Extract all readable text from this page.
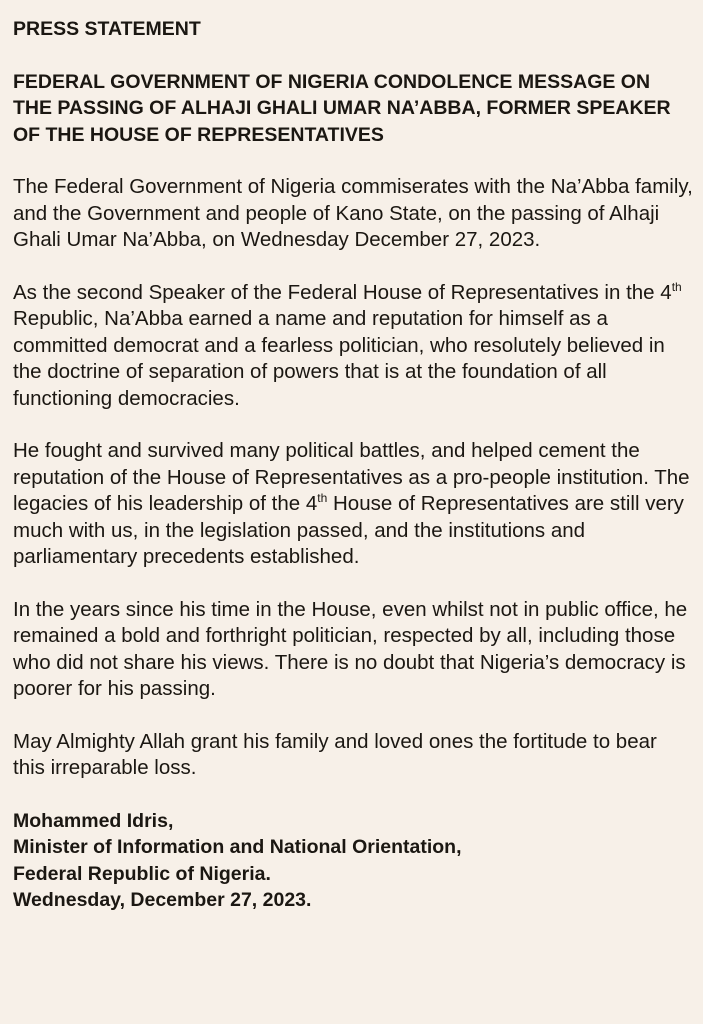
PRESS STATEMENT
FEDERAL GOVERNMENT OF NIGERIA CONDOLENCE MESSAGE ON THE PASSING OF ALHAJI GHALI UMAR NA’ABBA, FORMER SPEAKER OF THE HOUSE OF REPRESENTATIVES

The Federal Government of Nigeria commiserates with the Na’Abba family, and the Government and people of Kano State, on the passing of Alhaji Ghali Umar Na’Abba, on Wednesday December 27, 2023.

As the second Speaker of the Federal House of Representatives in the 4th Republic, Na’Abba earned a name and reputation for himself as a committed democrat and a fearless politician, who resolutely believed in the doctrine of separation of powers that is at the foundation of all functioning democracies.

He fought and survived many political battles, and helped cement the reputation of the House of Representatives as a pro-people institution. The legacies of his leadership of the 4th House of Representatives are still very much with us, in the legislation passed, and the institutions and parliamentary precedents established.

In the years since his time in the House, even whilst not in public office, he remained a bold and forthright politician, respected by all, including those who did not share his views. There is no doubt that Nigeria’s democracy is poorer for his passing.

May Almighty Allah grant his family and loved ones the fortitude to bear this irreparable loss.

Mohammed Idris,
Minister of Information and National Orientation,
Federal Republic of Nigeria.
Wednesday, December 27, 2023.
